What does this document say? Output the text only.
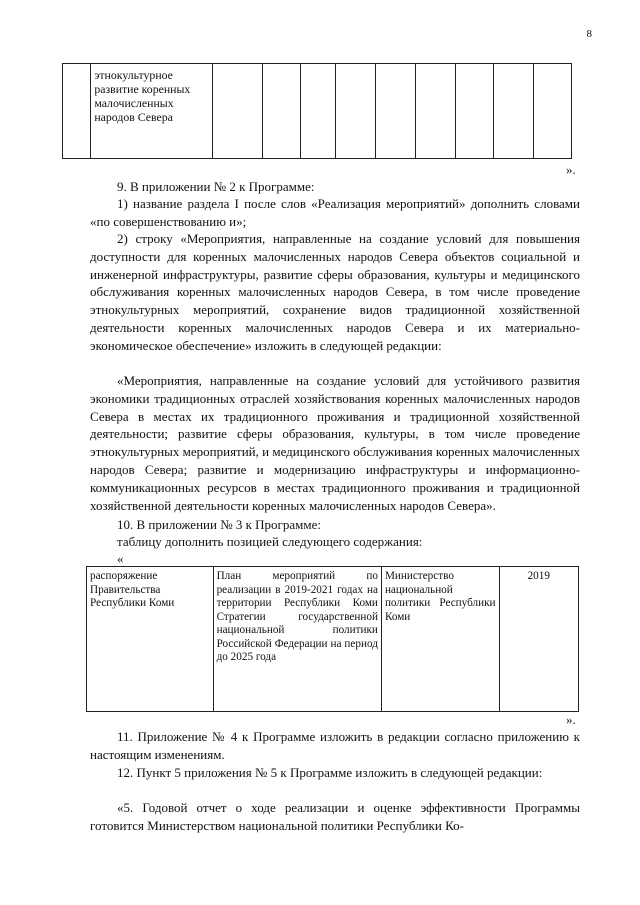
8
	этнокультурное развитие коренных малочисленных народов Севера									
».
9. В приложении № 2 к Программе:
1) название раздела I после слов «Реализация мероприятий» дополнить словами «по совершенствованию и»;
2) строку «Мероприятия, направленные на создание условий для повышения доступности для коренных малочисленных народов Севера объектов социальной и инженерной инфраструктуры, развитие сферы образования, культуры и медицинского обслуживания коренных малочисленных народов Севера, в том числе проведение этнокультурных мероприятий, сохранение видов традиционной хозяйственной деятельности коренных малочисленных народов Севера и их материально-экономическое обеспечение» изложить в следующей редакции:
«Мероприятия, направленные на создание условий для устойчивого развития экономики традиционных отраслей хозяйствования коренных малочисленных народов Севера в местах их традиционного проживания и традиционной хозяйственной деятельности; развитие сферы образования, культуры, в том числе проведение этнокультурных мероприятий, и медицинского обслуживания коренных малочисленных народов Севера; развитие и модернизацию инфраструктуры и информационно-коммуникационных ресурсов в местах традиционного проживания и традиционной хозяйственной деятельности коренных малочисленных народов Севера».
10. В приложении № 3 к Программе:
таблицу дополнить позицией следующего содержания:
«
распоряжение Правительства Республики Коми	План мероприятий по реализации в 2019-2021 годах на территории Республики Коми Стратегии государственной национальной политики Российской Федерации на период до 2025 года	Министерство национальной политики Республики Коми	2019
».
11. Приложение № 4 к Программе изложить в редакции согласно приложению к настоящим изменениям.
12. Пункт 5 приложения № 5 к Программе изложить в следующей редакции:
«5. Годовой отчет о ходе реализации и оценке эффективности Программы готовится Министерством национальной политики Республики Ко-
